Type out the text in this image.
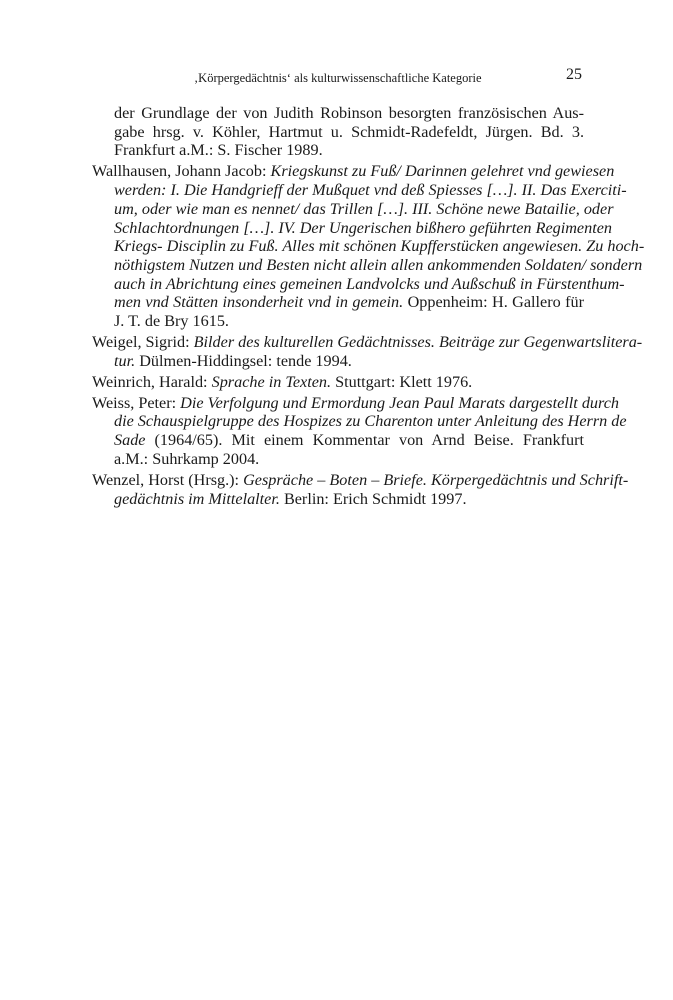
‚Körpergedächtnis‘ als kulturwissenschaftliche Kategorie	25
der Grundlage der von Judith Robinson besorgten französischen Aus-
gabe hrsg. v. Köhler, Hartmut u. Schmidt-Radefeldt, Jürgen. Bd. 3.
Frankfurt a.M.: S. Fischer 1989.
Wallhausen, Johann Jacob: Kriegskunst zu Fuß/ Darinnen gelehret vnd gewiesen
werden: I. Die Handgrieff der Mußquet vnd deß Spiesses […]. II. Das Exerciti-
um, oder wie man es nennet/ das Trillen […]. III. Schöne newe Batailie, oder
Schlachtordnungen […]. IV. Der Ungerischen bißhero geführten Regimenten
Kriegs- Disciplin zu Fuß. Alles mit schönen Kupfferstücken angewiesen. Zu hoch-
nöthigstem Nutzen und Besten nicht allein allen ankommenden Soldaten/ sondern
auch in Abrichtung eines gemeinen Landvolcks und Außschuß in Fürstenthum-
men vnd Stätten insonderheit vnd in gemein. Oppenheim: H. Gallero für
J. T. de Bry 1615.
Weigel, Sigrid: Bilder des kulturellen Gedächtnisses. Beiträge zur Gegenwartslitera-
tur. Dülmen-Hiddingsel: tende 1994.
Weinrich, Harald: Sprache in Texten. Stuttgart: Klett 1976.
Weiss, Peter: Die Verfolgung und Ermordung Jean Paul Marats dargestellt durch
die Schauspielgruppe des Hospizes zu Charenton unter Anleitung des Herrn de
Sade (1964/65). Mit einem Kommentar von Arnd Beise. Frankfurt
a.M.: Suhrkamp 2004.
Wenzel, Horst (Hrsg.): Gespräche – Boten – Briefe. Körpergedächtnis und Schrift-
gedächtnis im Mittelalter. Berlin: Erich Schmidt 1997.
